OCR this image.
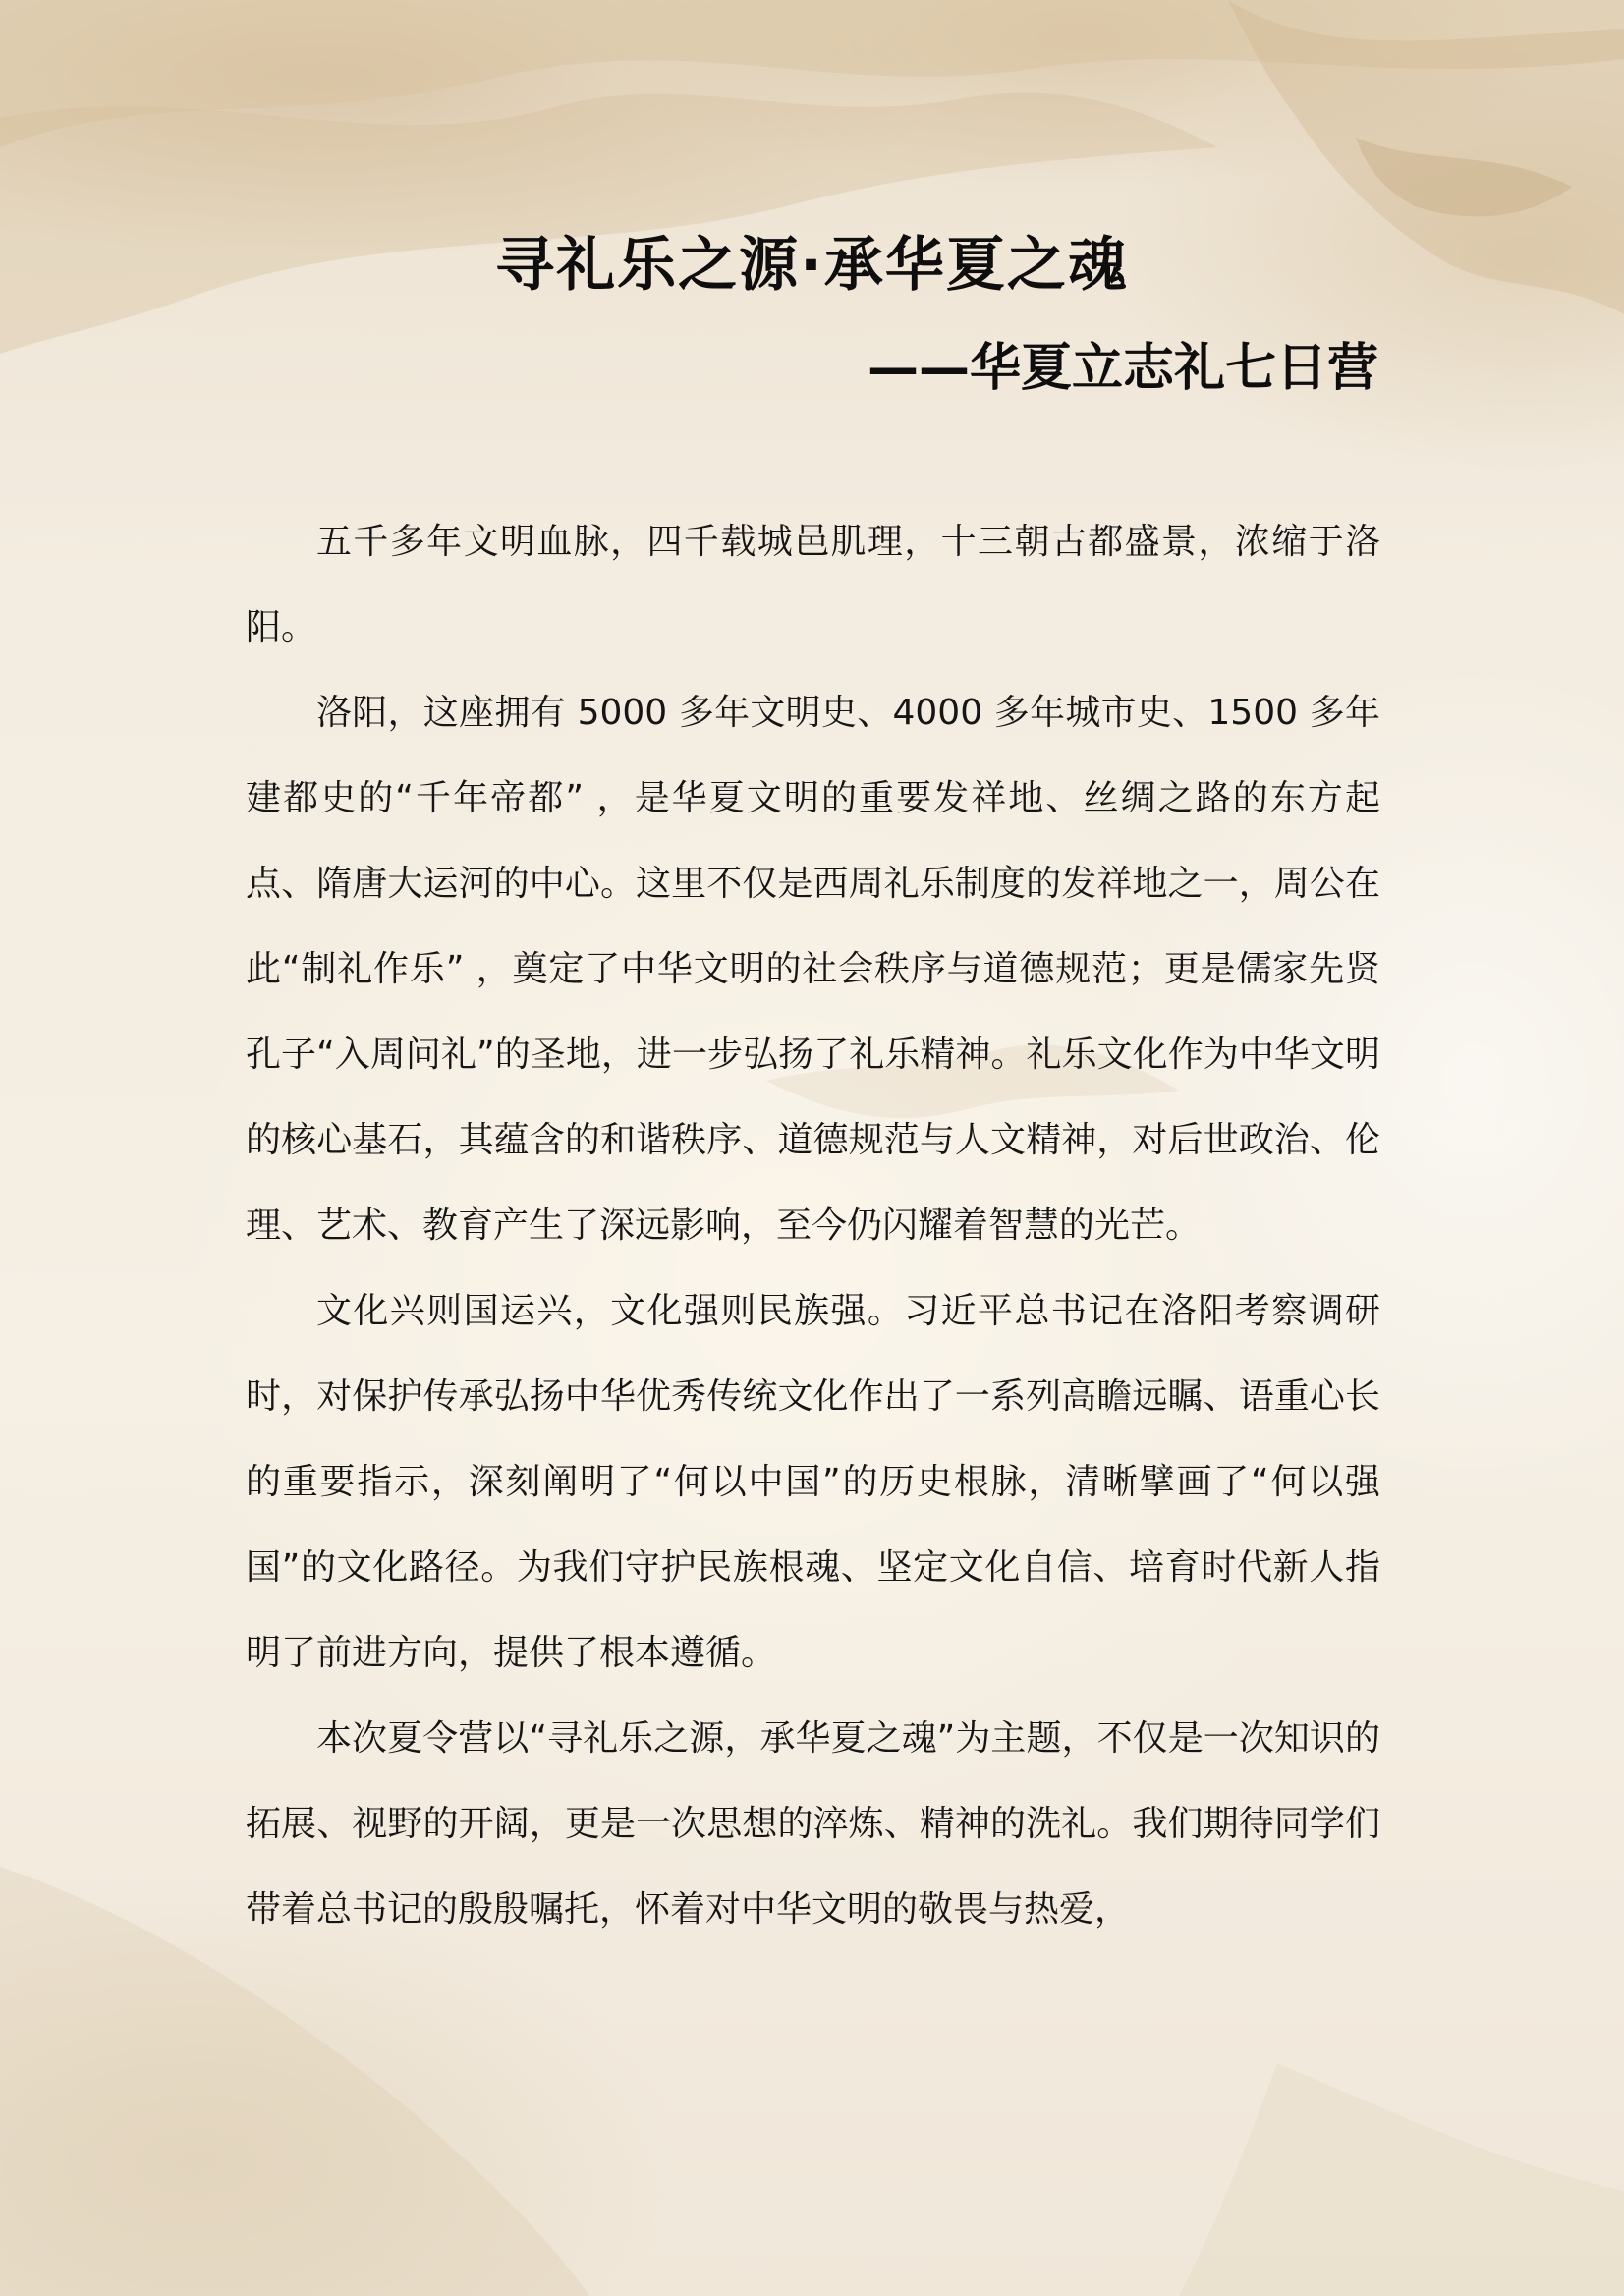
寻礼乐之源·承华夏之魂
——华夏立志礼七日营

五千多年文明血脉，四千载城邑肌理，十三朝古都盛景，浓缩于洛阳。

洛阳，这座拥有 5000 多年文明史、4000 多年城市史、1500 多年建都史的“千年帝都” ，是华夏文明的重要发祥地、丝绸之路的东方起点、隋唐大运河的中心。这里不仅是西周礼乐制度的发祥地之一，周公在此“制礼作乐” ，奠定了中华文明的社会秩序与道德规范；更是儒家先贤孔子“入周问礼”的圣地，进一步弘扬了礼乐精神。礼乐文化作为中华文明的核心基石，其蕴含的和谐秩序、道德规范与人文精神，对后世政治、伦理、艺术、教育产生了深远影响，至今仍闪耀着智慧的光芒。

文化兴则国运兴，文化强则民族强。习近平总书记在洛阳考察调研时，对保护传承弘扬中华优秀传统文化作出了一系列高瞻远瞩、语重心长的重要指示，深刻阐明了“何以中国”的历史根脉，清晰擘画了“何以强国”的文化路径。为我们守护民族根魂、坚定文化自信、培育时代新人指明了前进方向，提供了根本遵循。

本次夏令营以“寻礼乐之源，承华夏之魂”为主题，不仅是一次知识的拓展、视野的开阔，更是一次思想的淬炼、精神的洗礼。我们期待同学们带着总书记的殷殷嘱托，怀着对中华文明的敬畏与热爱，
